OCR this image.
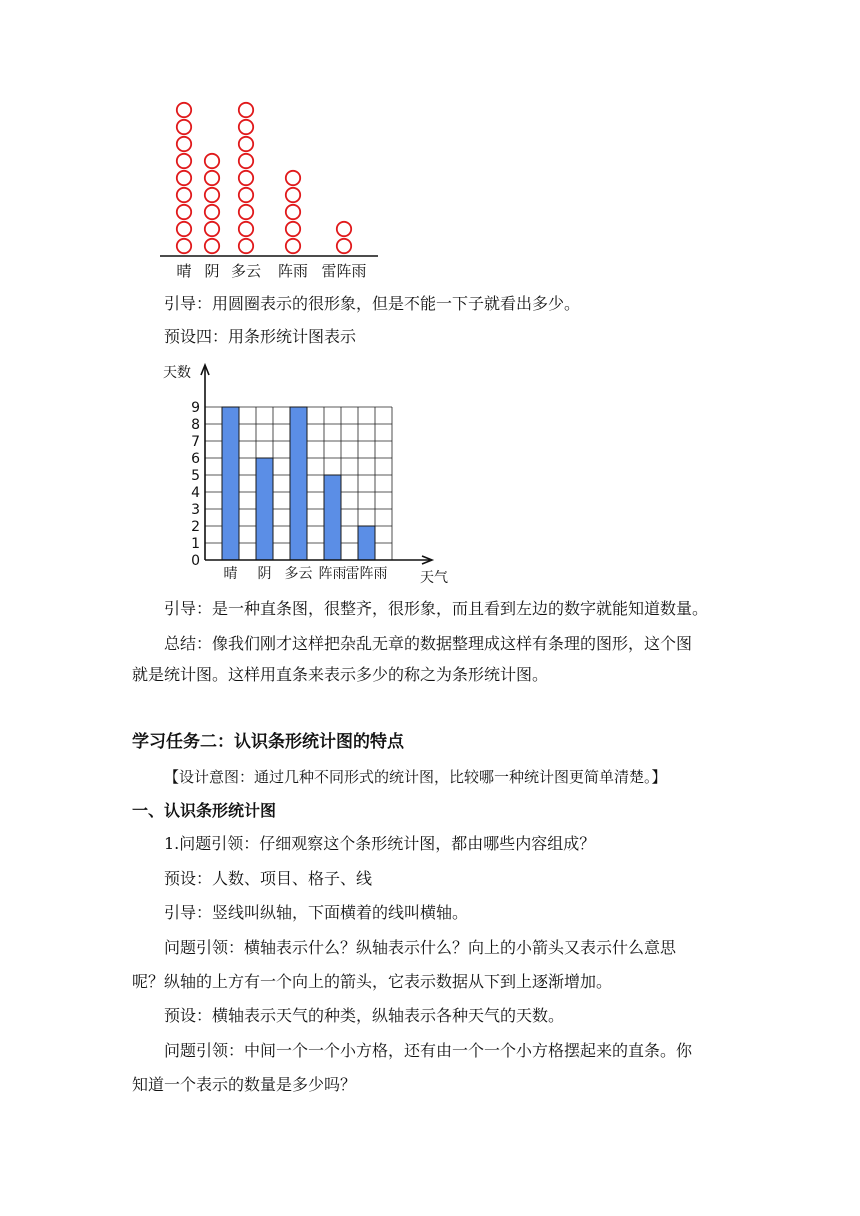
晴 阴 多云 阵雨 雷阵雨
引导：用圆圈表示的很形象，但是不能一下子就看出多少。
预设四：用条形统计图表示
晴 阴 多云 阵雨 雷阵雨
0
1
2
3
4
5
6
7
8
9
天数
天气
引导：是一种直条图，很整齐，很形象，而且看到左边的数字就能知道数量。
总结：像我们刚才这样把杂乱无章的数据整理成这样有条理的图形，这个图
就是统计图。这样用直条来表示多少的称之为条形统计图。
学习任务二：认识条形统计图的特点
【设计意图：通过几种不同形式的统计图，比较哪一种统计图更简单清楚。】
一、认识条形统计图
1.问题引领：仔细观察这个条形统计图，都由哪些内容组成？
预设：人数、项目、格子、线
引导：竖线叫纵轴，下面横着的线叫横轴。
问题引领：横轴表示什么？纵轴表示什么？向上的小箭头又表示什么意思
呢？纵轴的上方有一个向上的箭头，它表示数据从下到上逐渐增加。
预设：横轴表示天气的种类，纵轴表示各种天气的天数。
问题引领：中间一个一个小方格，还有由一个一个小方格摆起来的直条。你
知道一个表示的数量是多少吗？
